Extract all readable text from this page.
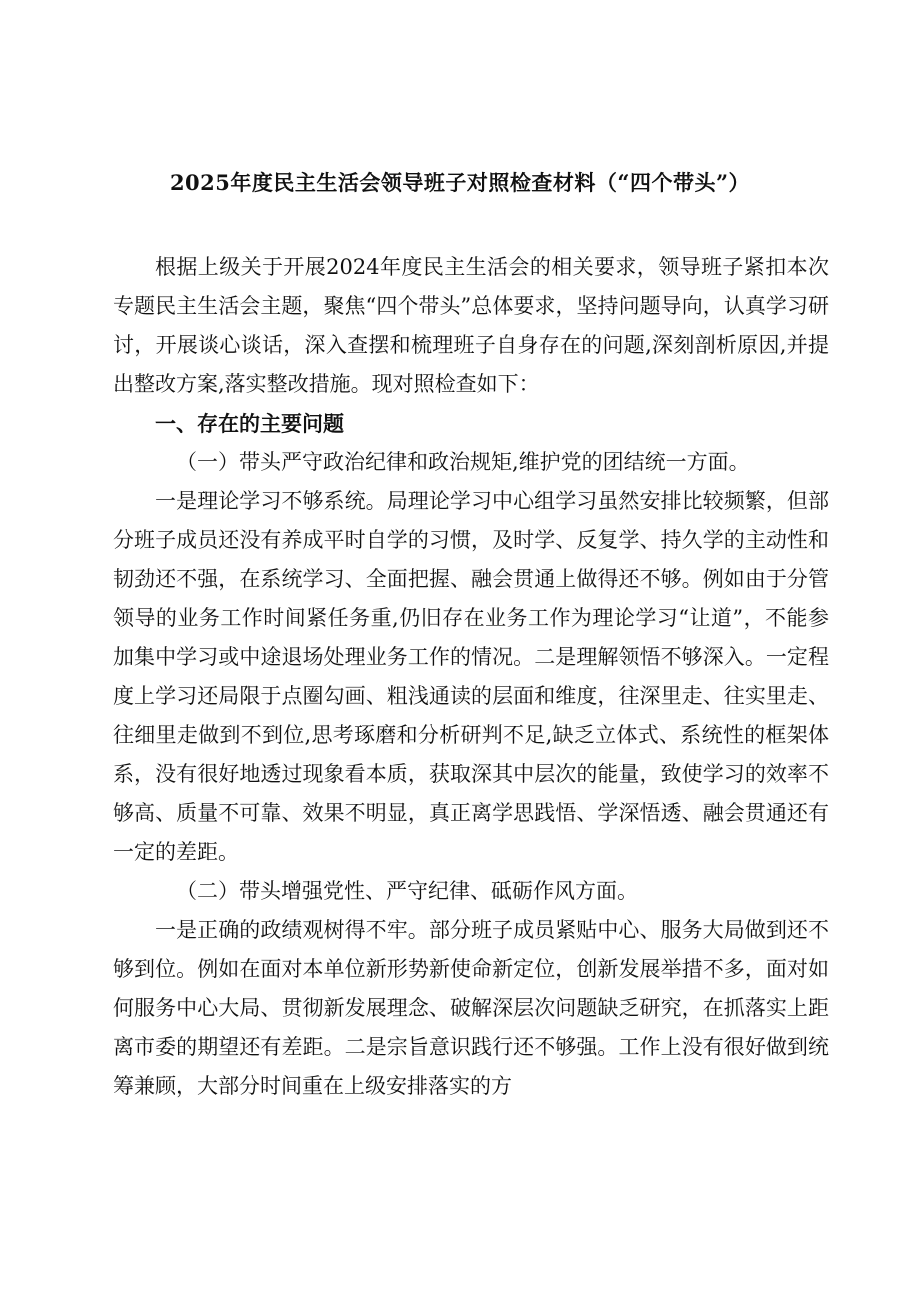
2025年度民主生活会领导班子对照检查材料（“四个带头”）

根据上级关于开展2024年度民主生活会的相关要求，领导班子紧扣本次专题民主生活会主题，聚焦“四个带头”总体要求，坚持问题导向，认真学习研讨，开展谈心谈话，深入查摆和梳理班子自身存在的问题,深刻剖析原因,并提出整改方案,落实整改措施。现对照检查如下：

一、存在的主要问题

（一）带头严守政治纪律和政治规矩,维护党的团结统一方面。

一是理论学习不够系统。局理论学习中心组学习虽然安排比较频繁，但部分班子成员还没有养成平时自学的习惯，及时学、反复学、持久学的主动性和韧劲还不强，在系统学习、全面把握、融会贯通上做得还不够。例如由于分管领导的业务工作时间紧任务重,仍旧存在业务工作为理论学习“让道”，不能参加集中学习或中途退场处理业务工作的情况。二是理解领悟不够深入。一定程度上学习还局限于点圈勾画、粗浅通读的层面和维度，往深里走、往实里走、往细里走做到不到位,思考琢磨和分析研判不足,缺乏立体式、系统性的框架体系，没有很好地透过现象看本质，获取深其中层次的能量，致使学习的效率不够高、质量不可靠、效果不明显，真正离学思践悟、学深悟透、融会贯通还有一定的差距。

（二）带头增强党性、严守纪律、砥砺作风方面。

一是正确的政绩观树得不牢。部分班子成员紧贴中心、服务大局做到还不够到位。例如在面对本单位新形势新使命新定位，创新发展举措不多，面对如何服务中心大局、贯彻新发展理念、破解深层次问题缺乏研究，在抓落实上距离市委的期望还有差距。二是宗旨意识践行还不够强。工作上没有很好做到统筹兼顾，大部分时间重在上级安排落实的方
